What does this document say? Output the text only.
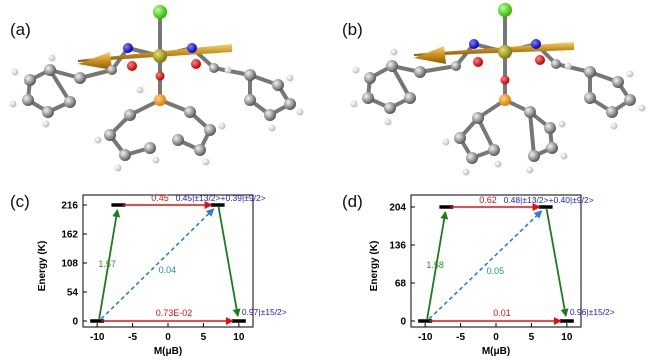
(a)	(b)
(c)	(d)
0
54
108
162
216
-10 -5	0	5	10
Energy (K)
M(μB)
0.45
1.57
0.04
0.73E-02
0.45|±13/2>+0.39|±9/2>
0.97|±15/2>
0
68
136
204
-10 -5	0	5	10
Energy (K)
M(μB)
0.62
1.58
0.05
0.01
0.48|±13/2>+0.40|±9/2>
0.96|±15/2>
